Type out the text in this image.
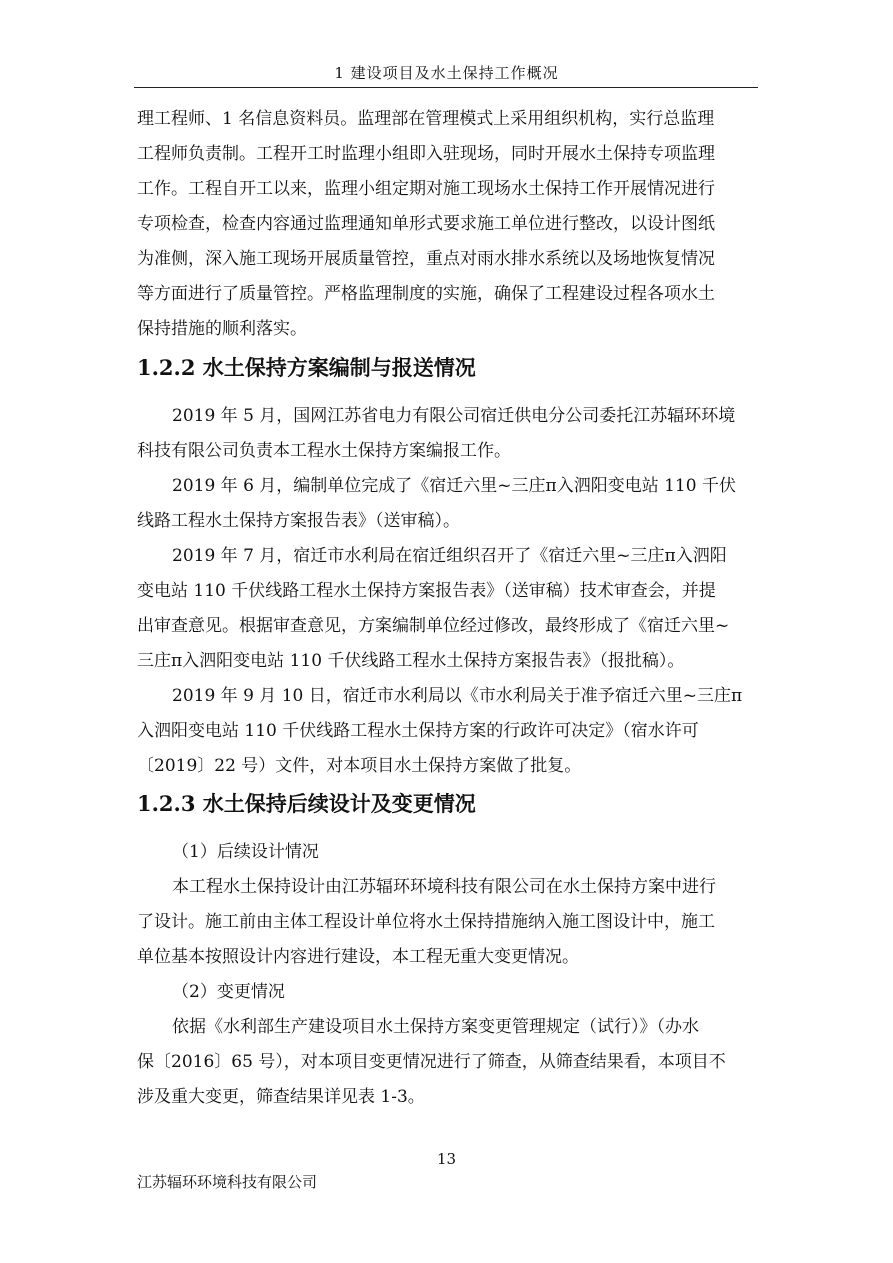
1 建设项目及水土保持工作概况
理工程师、1 名信息资料员。监理部在管理模式上采用组织机构，实行总监理
工程师负责制。工程开工时监理小组即入驻现场，同时开展水土保持专项监理
工作。工程自开工以来，监理小组定期对施工现场水土保持工作开展情况进行
专项检查，检查内容通过监理通知单形式要求施工单位进行整改，以设计图纸
为准侧，深入施工现场开展质量管控，重点对雨水排水系统以及场地恢复情况
等方面进行了质量管控。严格监理制度的实施，确保了工程建设过程各项水土
保持措施的顺利落实。
1.2.2 水土保持方案编制与报送情况
2019 年 5 月，国网江苏省电力有限公司宿迁供电分公司委托江苏辐环环境
科技有限公司负责本工程水土保持方案编报工作。
2019 年 6 月，编制单位完成了《宿迁六里~三庄π入泗阳变电站 110 千伏
线路工程水土保持方案报告表》（送审稿）。
2019 年 7 月，宿迁市水利局在宿迁组织召开了《宿迁六里~三庄π入泗阳
变电站 110 千伏线路工程水土保持方案报告表》（送审稿）技术审查会，并提
出审查意见。根据审查意见，方案编制单位经过修改，最终形成了《宿迁六里~
三庄π入泗阳变电站 110 千伏线路工程水土保持方案报告表》（报批稿）。
2019 年 9 月 10 日，宿迁市水利局以《市水利局关于准予宿迁六里~三庄π
入泗阳变电站 110 千伏线路工程水土保持方案的行政许可决定》（宿水许可
〔2019〕22 号）文件，对本项目水土保持方案做了批复。
1.2.3 水土保持后续设计及变更情况
（1）后续设计情况
本工程水土保持设计由江苏辐环环境科技有限公司在水土保持方案中进行
了设计。施工前由主体工程设计单位将水土保持措施纳入施工图设计中，施工
单位基本按照设计内容进行建设，本工程无重大变更情况。
（2）变更情况
依据《水利部生产建设项目水土保持方案变更管理规定（试行）》（办水
保〔2016〕65 号），对本项目变更情况进行了筛查，从筛查结果看，本项目不
涉及重大变更，筛查结果详见表 1-3。
13
江苏辐环环境科技有限公司
